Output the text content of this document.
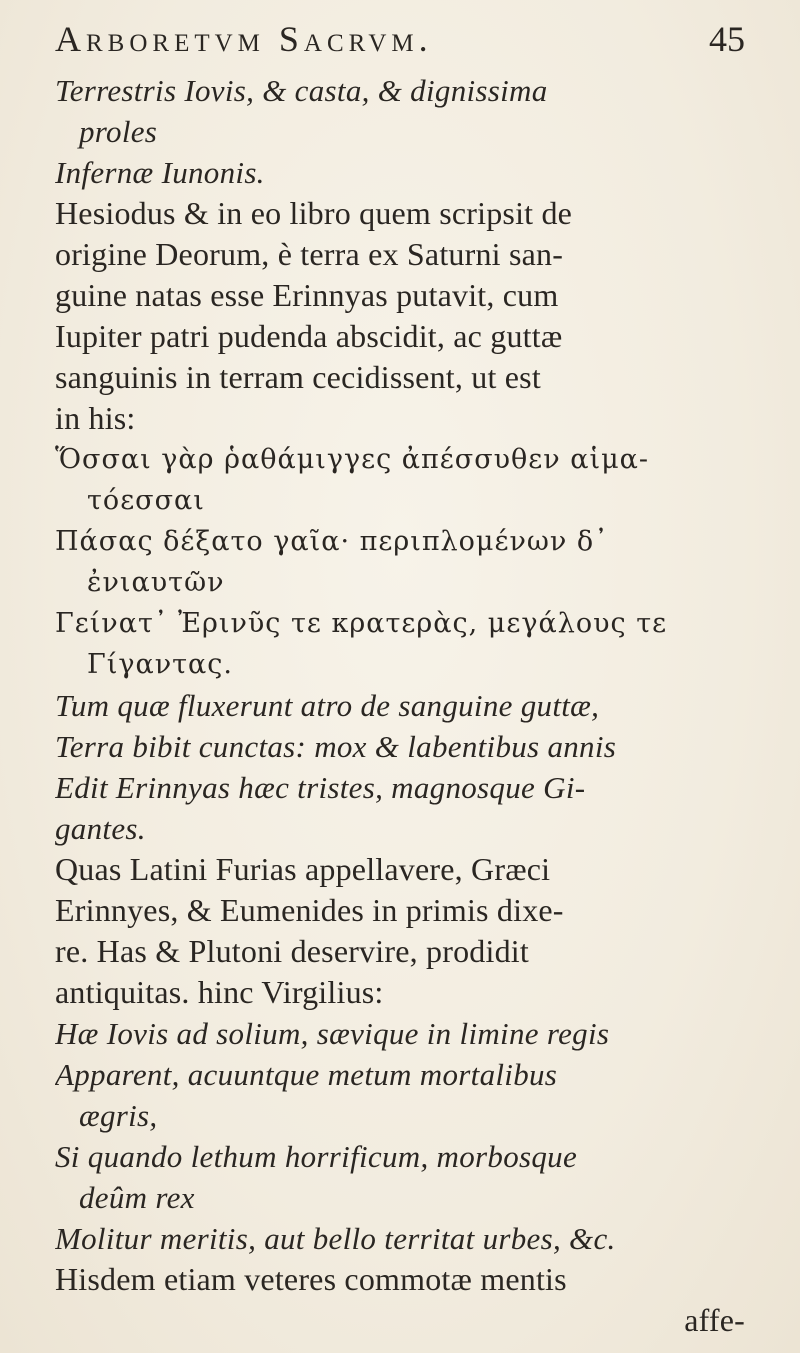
Arboretvm Sacrvm.	45
Terrestris Iovis, & casta, & dignissima
proles
Infernæ Iunonis.
Hesiodus & in eo libro quem scripsit de
origine Deorum, è terra ex Saturni san-
guine natas esse Erinnyas putavit, cum
Iupiter patri pudenda abscidit, ac guttæ
sanguinis in terram cecidissent, ut est
in his:
Ὅσσαι γὰρ ῥαθάμιγγες ἀπέσσυθεν αἱμα-
τόεσσαι
Πάσας δέξατο γαῖα· περιπλομένων δ᾽
ἐνιαυτῶν
Γείνατ᾽ Ἐρινῦς τε κρατερὰς, μεγάλους τε
Γίγαντας.
Tum quæ fluxerunt atro de sanguine guttæ,
Terra bibit cunctas: mox & labentibus annis
Edit Erinnyas hæc tristes, magnosque Gi-
gantes.
Quas Latini Furias appellavere, Græci
Erinnyes, & Eumenides in primis dixe-
re. Has & Plutoni deservire, prodidit
antiquitas. hinc Virgilius:
Hæ Iovis ad solium, sævique in limine regis
Apparent, acuuntque metum mortalibus
ægris,
Si quando lethum horrificum, morbosque
deûm rex
Molitur meritis, aut bello territat urbes, &c.
Hisdem etiam veteres commotæ mentis
affe-
